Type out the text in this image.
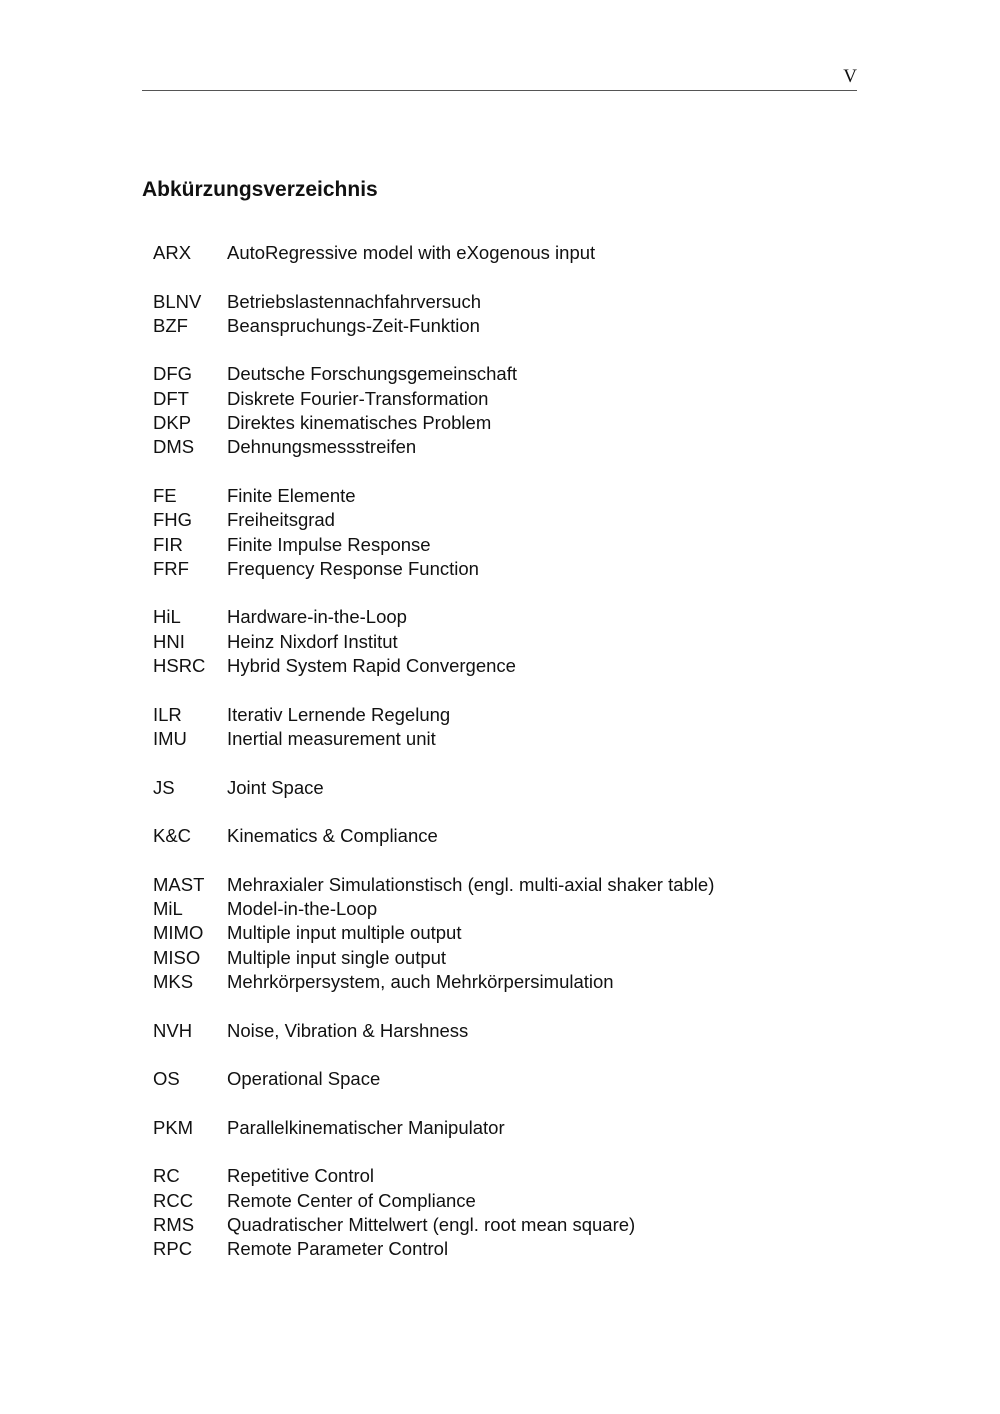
V
Abkürzungsverzeichnis
ARX	AutoRegressive model with eXogenous input
BLNV	Betriebslastennachfahrversuch
BZF	Beanspruchungs-Zeit-Funktion
DFG	Deutsche Forschungsgemeinschaft
DFT	Diskrete Fourier-Transformation
DKP	Direktes kinematisches Problem
DMS	Dehnungsmessstreifen
FE	Finite Elemente
FHG	Freiheitsgrad
FIR	Finite Impulse Response
FRF	Frequency Response Function
HiL	Hardware-in-the-Loop
HNI	Heinz Nixdorf Institut
HSRC	Hybrid System Rapid Convergence
ILR	Iterativ Lernende Regelung
IMU	Inertial measurement unit
JS	Joint Space
K&C	Kinematics & Compliance
MAST	Mehraxialer Simulationstisch (engl. multi-axial shaker table)
MiL	Model-in-the-Loop
MIMO	Multiple input multiple output
MISO	Multiple input single output
MKS	Mehrkörpersystem, auch Mehrkörpersimulation
NVH	Noise, Vibration & Harshness
OS	Operational Space
PKM	Parallelkinematischer Manipulator
RC	Repetitive Control
RCC	Remote Center of Compliance
RMS	Quadratischer Mittelwert (engl. root mean square)
RPC	Remote Parameter Control
